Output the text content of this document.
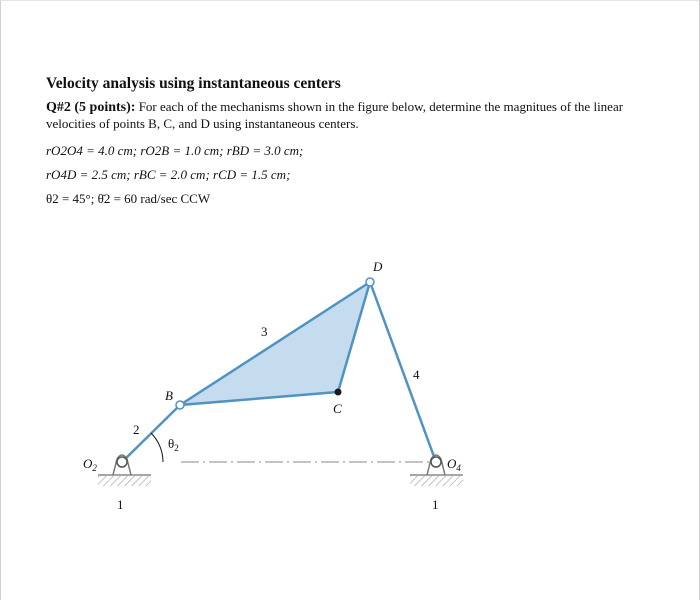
Velocity analysis using instantaneous centers
Q#2 (5 points): For each of the mechanisms shown in the figure below, determine the magnitues of the linear velocities of points B, C, and D using instantaneous centers.
rO2O4 = 4.0 cm; rO2B = 1.0 cm; rBD = 3.0 cm;
rO4D = 2.5 cm; rBC = 2.0 cm; rCD = 1.5 cm;
θ2 = 45°; θ̇2 = 60 rad/sec CCW
B
C
D
2
3
4
1	1
$O_2$	$O_4$
$\theta_2$
